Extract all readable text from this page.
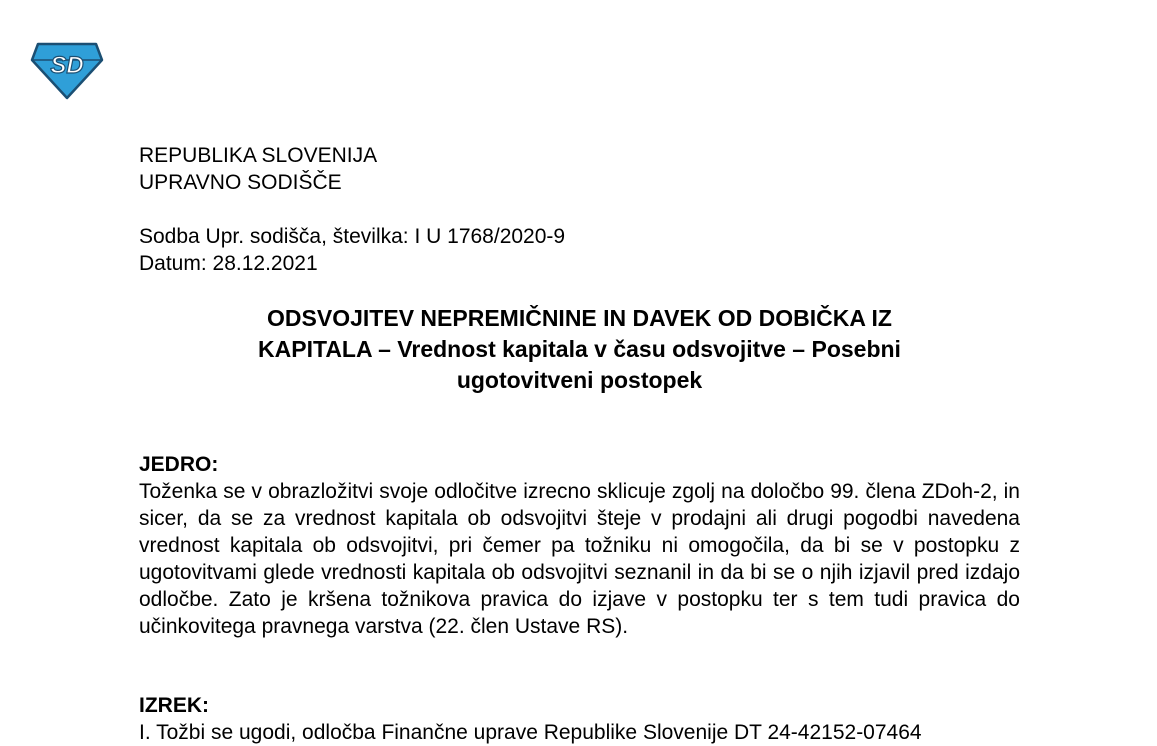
SD
REPUBLIKA SLOVENIJA
UPRAVNO SODIŠČE
Sodba Upr. sodišča, številka: I U 1768/2020-9
Datum: 28.12.2021
ODSVOJITEV NEPREMIČNINE IN DAVEK OD DOBIČKA IZ
KAPITALA – Vrednost kapitala v času odsvojitve – Posebni
ugotovitveni postopek
JEDRO:
Toženka se v obrazložitvi svoje odločitve izrecno sklicuje zgolj na določbo 99. člena ZDoh-2, in sicer, da se za vrednost kapitala ob odsvojitvi šteje v prodajni ali drugi pogodbi navedena vrednost kapitala ob odsvojitvi, pri čemer pa tožniku ni omogočila, da bi se v postopku z ugotovitvami glede vrednosti kapitala ob odsvojitvi seznanil in da bi se o njih izjavil pred izdajo odločbe. Zato je kršena tožnikova pravica do izjave v postopku ter s tem tudi pravica do učinkovitega pravnega varstva (22. člen Ustave RS).
IZREK:
I. Tožbi se ugodi, odločba Finančne uprave Republike Slovenije DT 24-42152-07464
